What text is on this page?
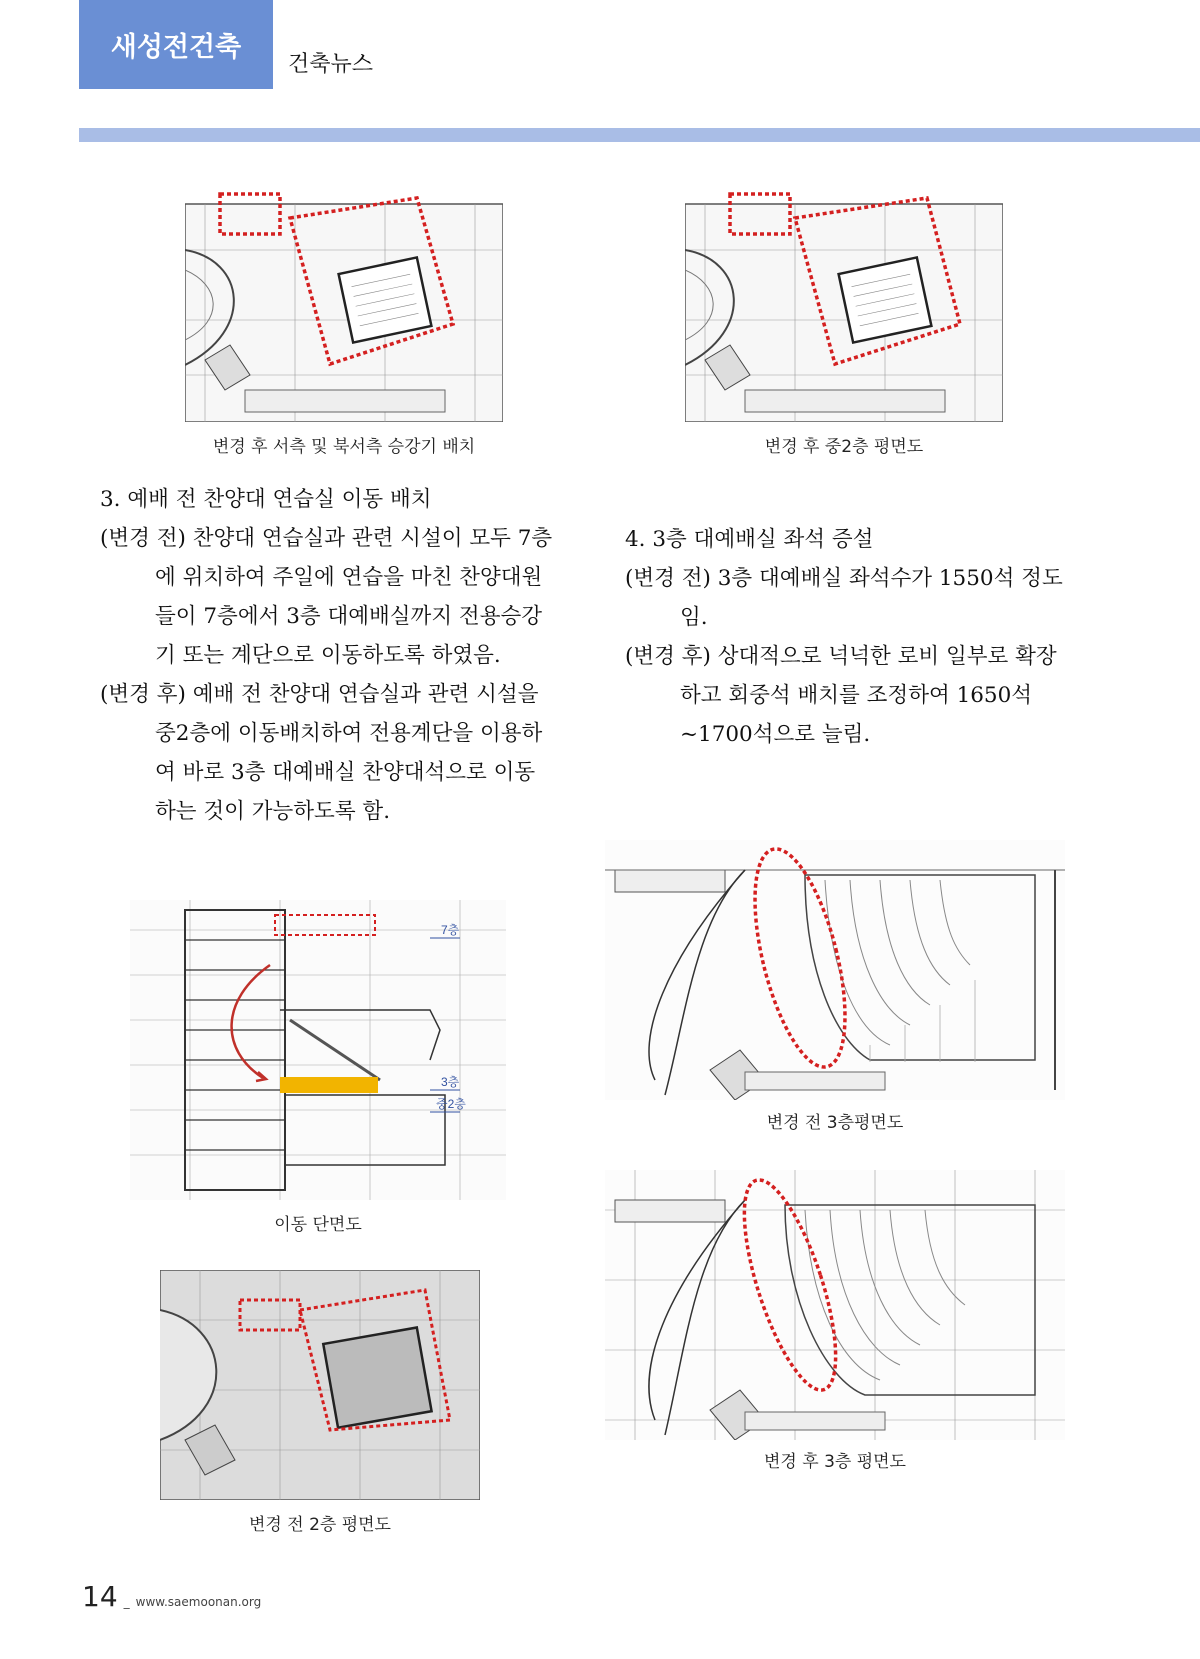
새성전건축
건축뉴스
변경 후 서측 및 북서측 승강기 배치	변경 후 중2층 평면도

3. 예배 전 찬양대 연습실 이동 배치

(변경 전) 찬양대 연습실과 관련 시설이 모두 7층에 위치하여 주일에 연습을 마친 찬양대원들이 7층에서 3층 대예배실까지 전용승강기 또는 계단으로 이동하도록 하였음.

(변경 후) 예배 전 찬양대 연습실과 관련 시설을 중2층에 이동배치하여 전용계단을 이용하여 바로 3층 대예배실 찬양대석으로 이동하는 것이 가능하도록 함.

4. 3층 대예배실 좌석 증설

(변경 전) 3층 대예배실 좌석수가 1550석 정도임.

(변경 후) 상대적으로 넉넉한 로비 일부로 확장하고 회중석 배치를 조정하여 1650석~1700석으로 늘림.

7층
3층
중2층
이동 단면도
변경 전 2층 평면도
변경 전 3층평면도
변경 후 3층 평면도
14 _ www.saemoonan.org
